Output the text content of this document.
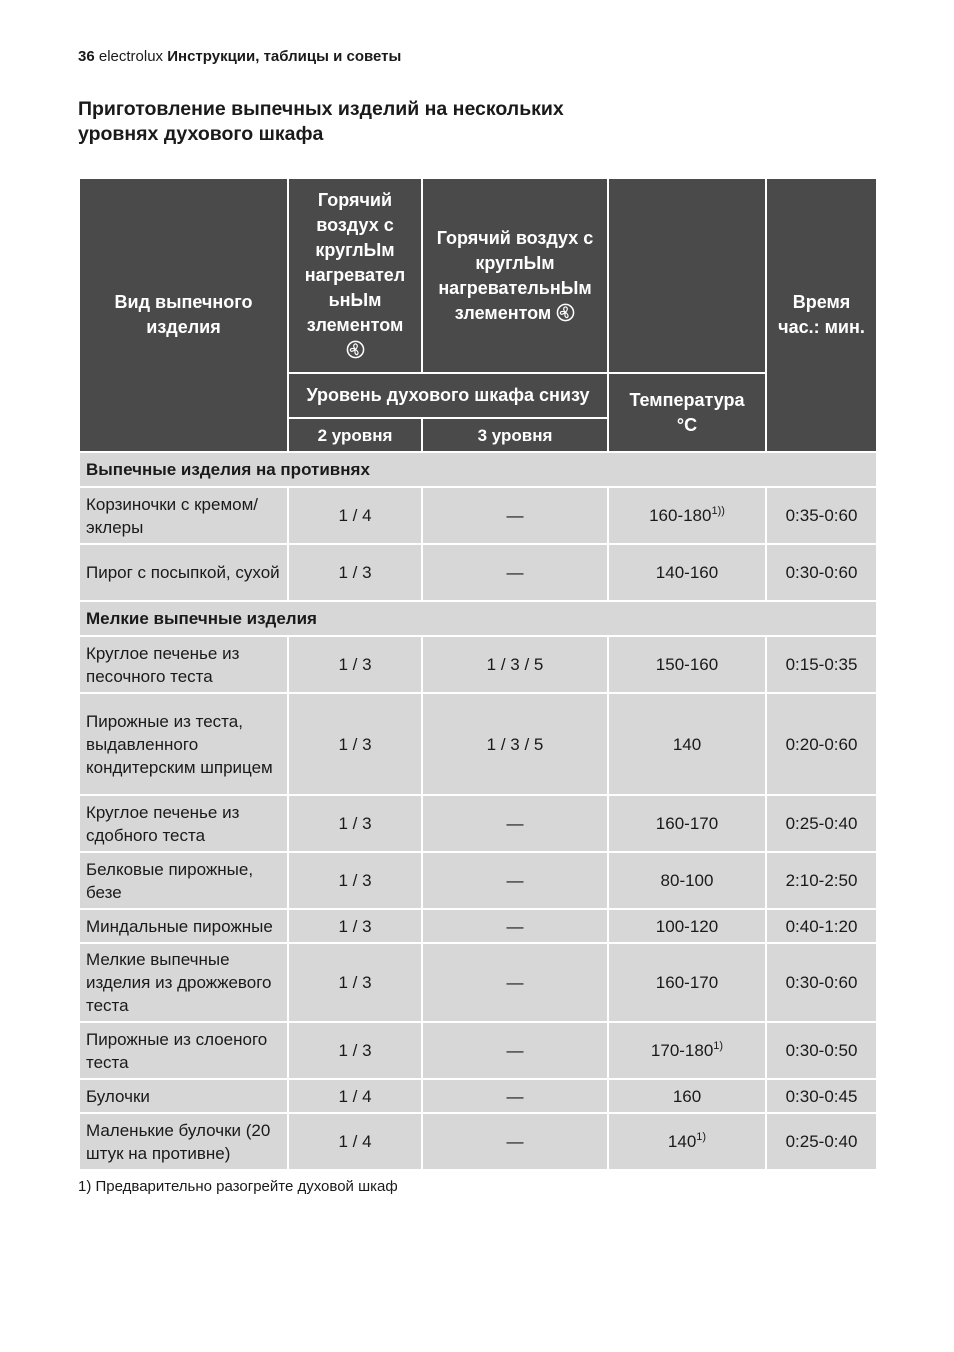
36 electrolux Инструкции, таблицы и советы
Приготовление выпечных изделий на нескольких уровнях духового шкафа
Вид выпечного изделия	Горячий воздух с круглЫм нагревател ьнЫм злементом	Горячий воздух с круглЫм нагревательнЫм злементом		Время час.: мин.
	Уровень духового шкафа снизу		Температура °C	
	2 уровня	3 уровня		
Выпечные изделия на противнях				
Корзиночки с кремом/ эклеры	1 / 4	—	$160-180^{1))}$	0:35-0:60
Пирог с посыпкой, сухой	1 / 3	—	140-160	0:30-0:60
Мелкие выпечные изделия				
Круглое печенье из песочного теста	1 / 3	1 / 3 / 5	150-160	0:15-0:35
Пирожные из теста, выдавленного кондитерским шприцем	1 / 3	1 / 3 / 5	140	0:20-0:60
Круглое печенье из сдобного теста	1 / 3	—	160-170	0:25-0:40
Белковые пирожные, безе	1 / 3	—	80-100	2:10-2:50
Миндальные пирожные	1 / 3	—	100-120	0:40-1:20
Мелкие выпечные изделия из дрожжевого теста	1 / 3	—	160-170	0:30-0:60
Пирожные из слоеного теста	1 / 3	—	170-180$^{1)}$	0:30-0:50
Булочки	1 / 4	—	160	0:30-0:45
Маленькие булочки (20 штук на противне)	1 / 4	—	140$^{1)}$	0:25-0:40
1) Предварительно разогрейте духовой шкаф
